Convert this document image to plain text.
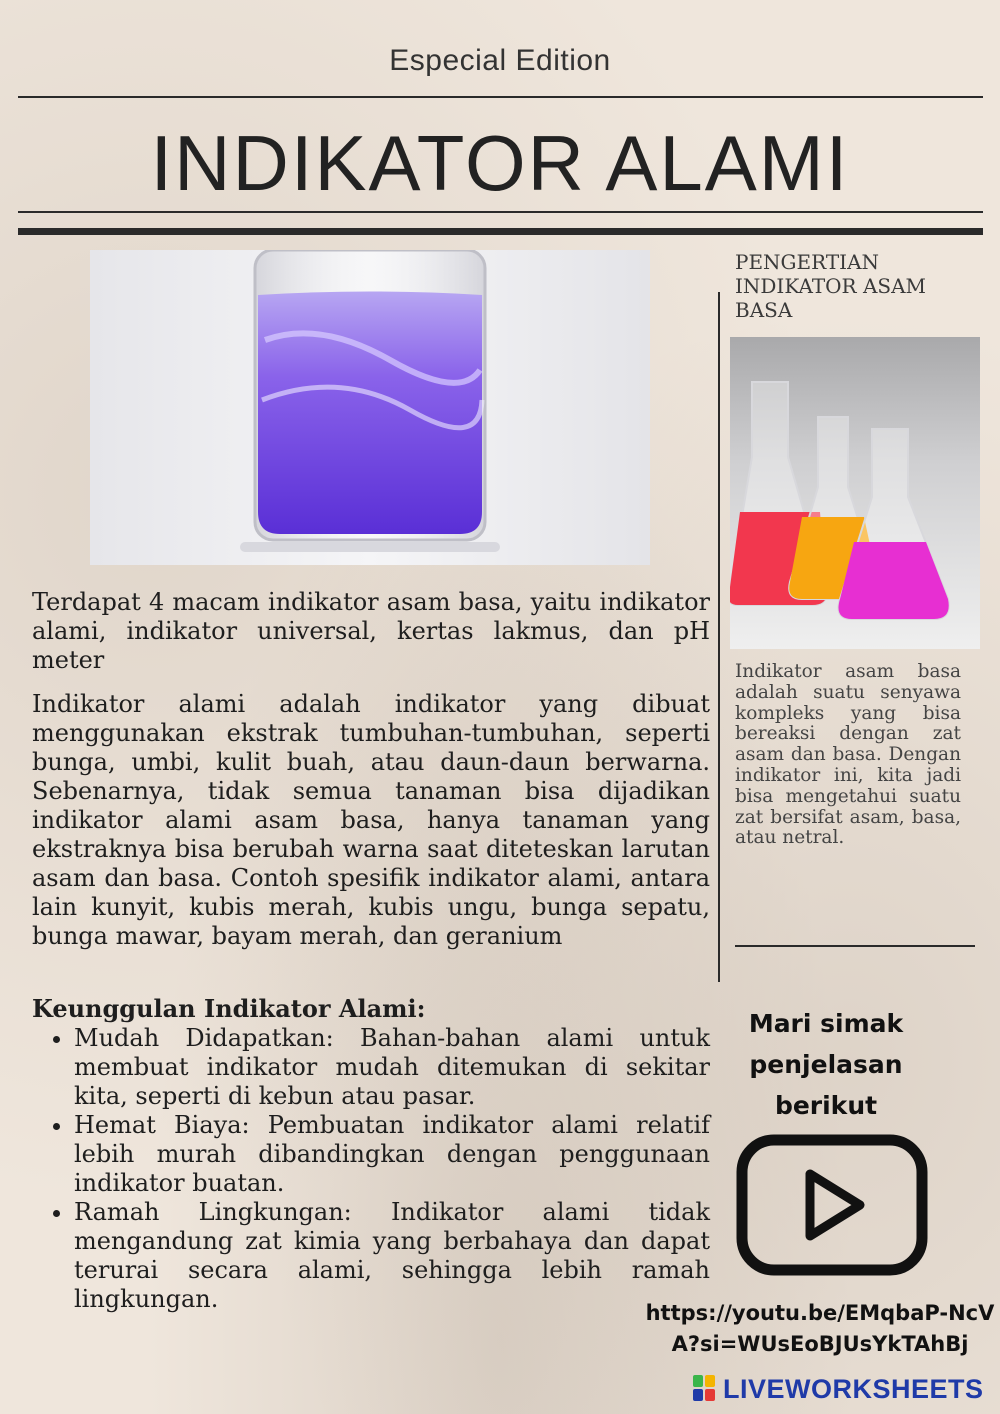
Especial Edition
INDIKATOR ALAMI

Terdapat 4 macam indikator asam basa, yaitu indikator alami, indikator universal, kertas lakmus, dan pH meter

Indikator alami adalah indikator yang dibuat menggunakan ekstrak tumbuhan-tumbuhan, seperti bunga, umbi, kulit buah, atau daun-daun berwarna. Sebenarnya, tidak semua tanaman bisa dijadikan indikator alami asam basa, hanya tanaman yang ekstraknya bisa berubah warna saat diteteskan larutan asam dan basa. Contoh spesifik indikator alami, antara lain kunyit, kubis merah, kubis ungu, bunga sepatu, bunga mawar, bayam merah, dan geranium

Keunggulan Indikator Alami:

• Mudah Didapatkan: Bahan-bahan alami untuk membuat indikator mudah ditemukan di sekitar kita, seperti di kebun atau pasar.
• Hemat Biaya: Pembuatan indikator alami relatif lebih murah dibandingkan dengan penggunaan indikator buatan.
• Ramah Lingkungan: Indikator alami tidak mengandung zat kimia yang berbahaya dan dapat terurai secara alami, sehingga lebih ramah lingkungan.

PENGERTIAN INDIKATOR ASAM BASA

Indikator asam basa adalah suatu senyawa kompleks yang bisa bereaksi dengan zat asam dan basa. Dengan indikator ini, kita jadi bisa mengetahui suatu zat bersifat asam, basa, atau netral.

Mari simak penjelasan berikut

https://youtu.be/EMqbaP-NcVA?si=WUsEoBJUsYkTAhBj

LIVEWORKSHEETS
